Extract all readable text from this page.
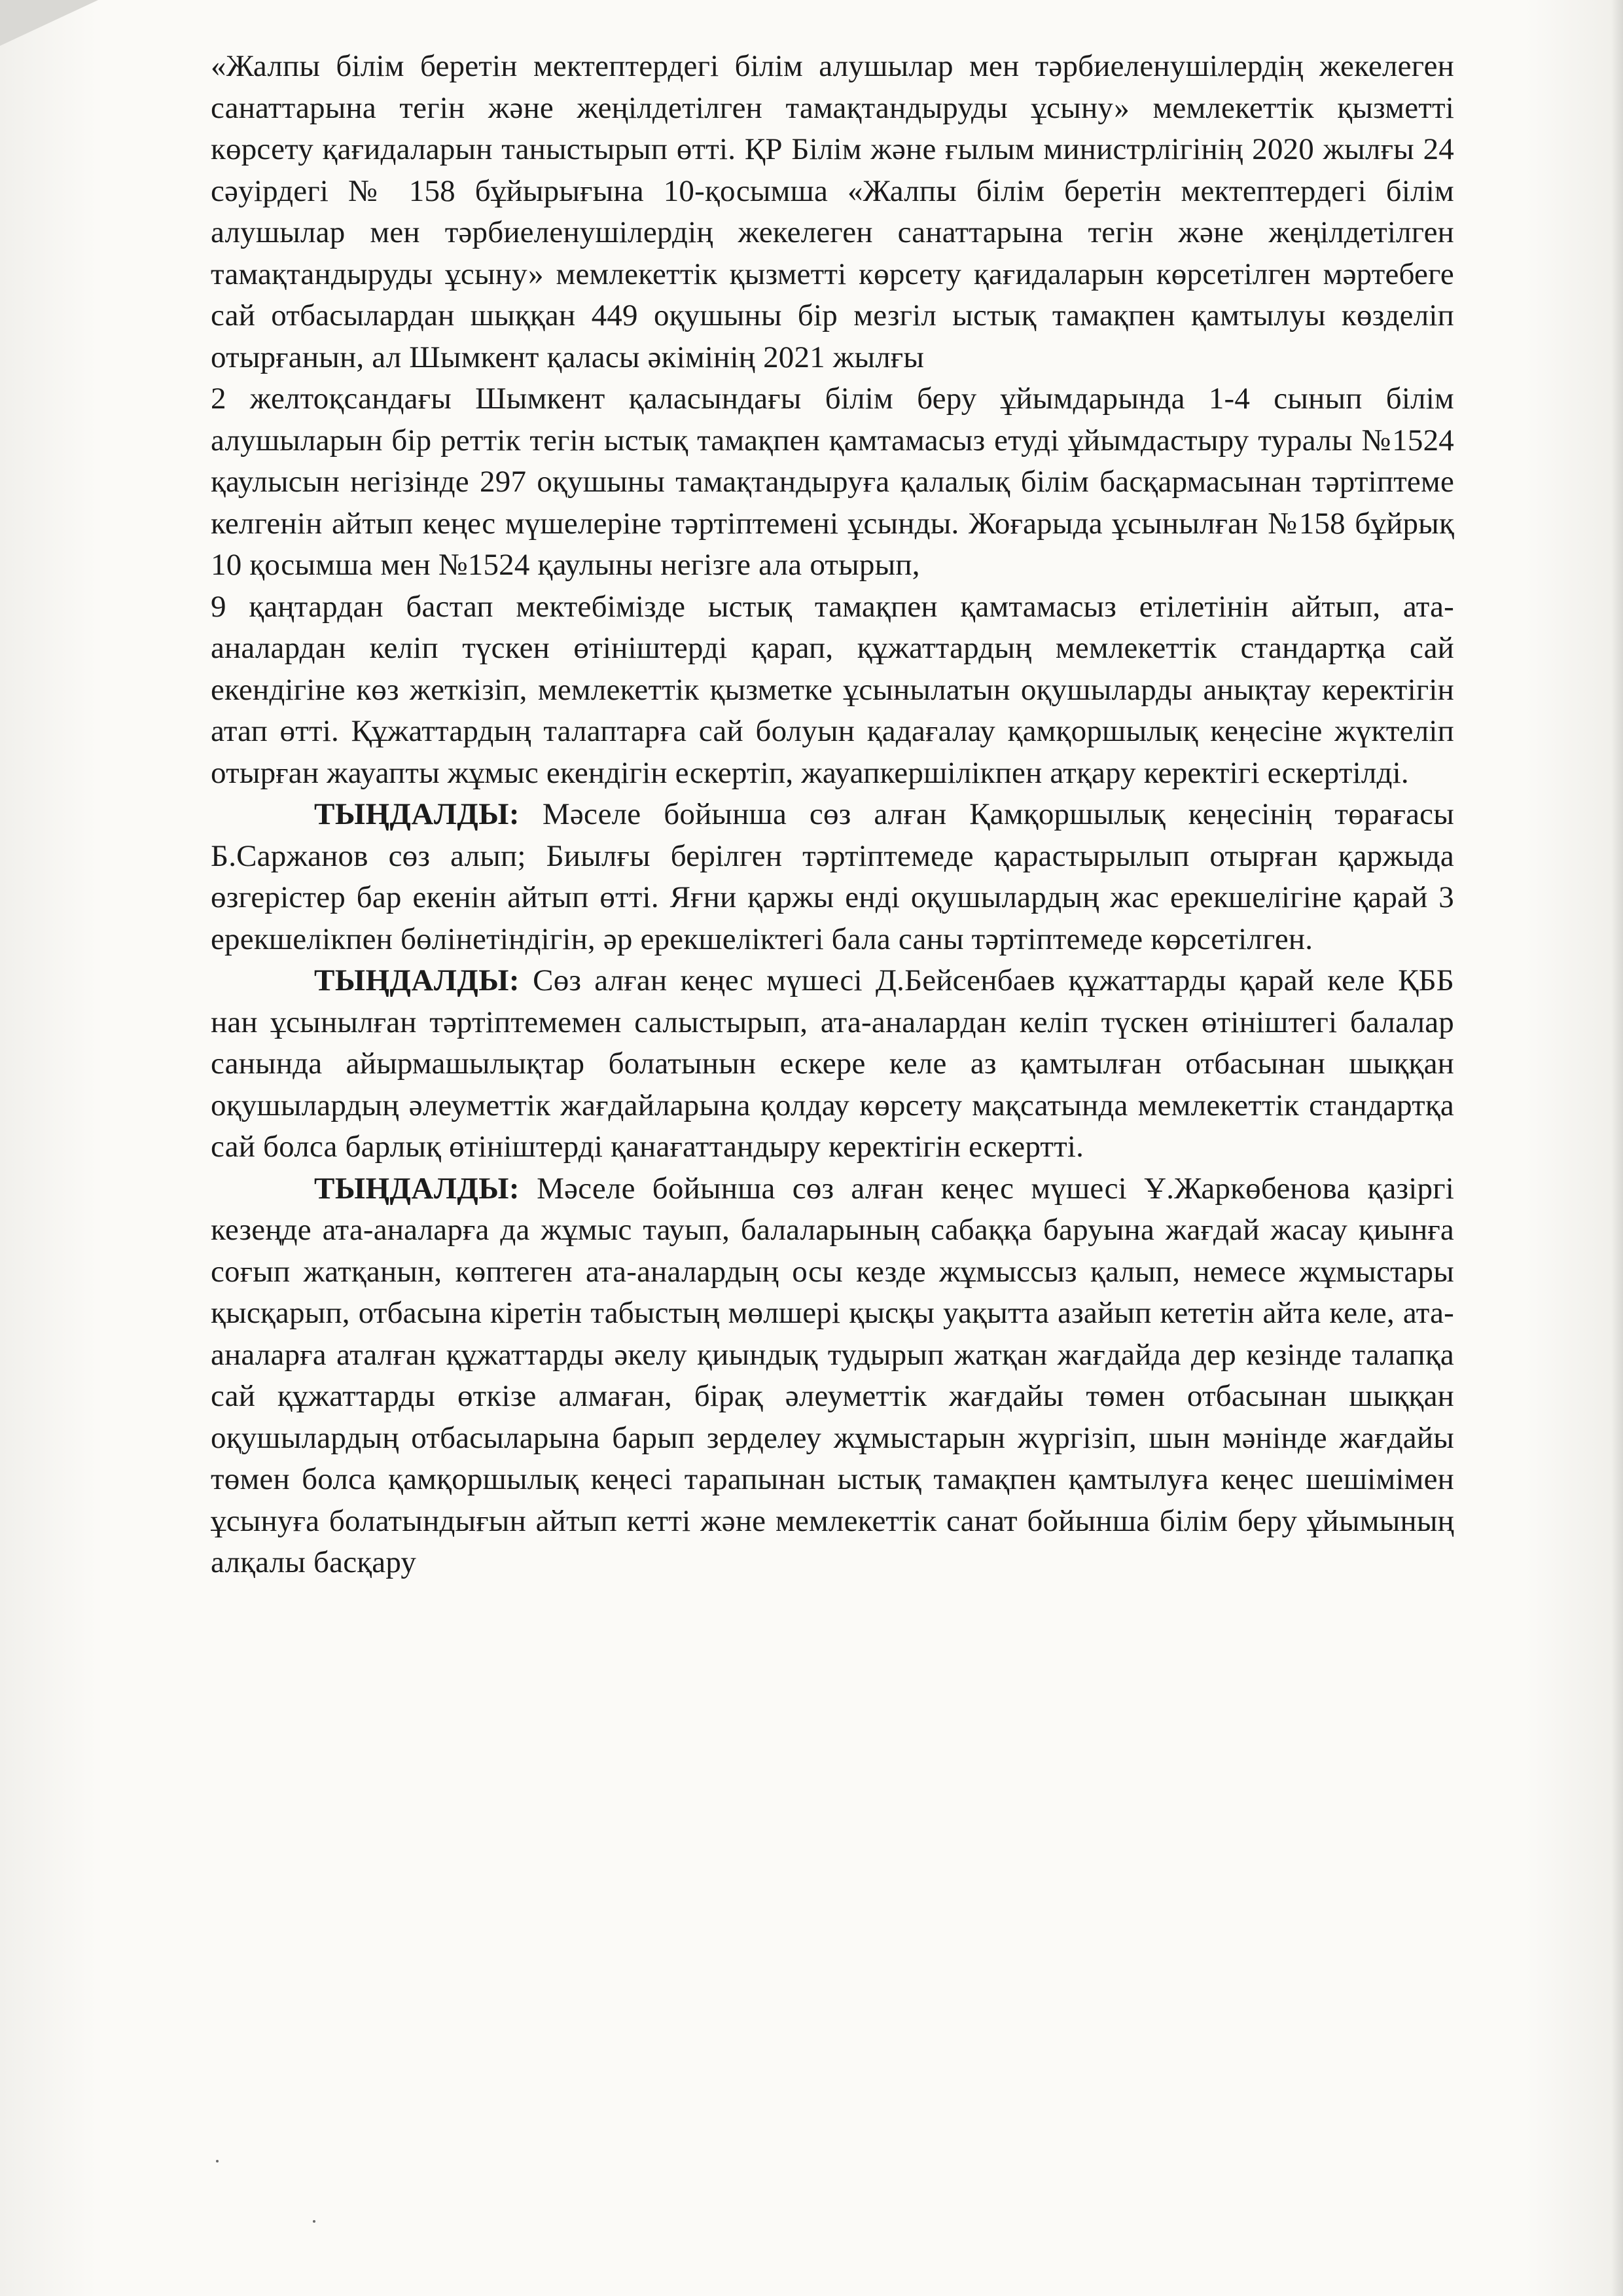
«Жалпы білім беретін мектептердегі білім алушылар мен тәрбиеленушілердің жекелеген санаттарына тегін және жеңілдетілген тамақтандыруды ұсыну» мемлекеттік қызметті көрсету қағидаларын таныстырып өтті. ҚР Білім және ғылым министрлігінің 2020 жылғы 24 сәуірдегі № 158 бұйырығына 10-қосымша «Жалпы білім беретін мектептердегі білім алушылар мен тәрбиеленушілердің жекелеген санаттарына тегін және жеңілдетілген тамақтандыруды ұсыну» мемлекеттік қызметті көрсету қағидаларын көрсетілген мәртебеге сай отбасылардан шыққан 449 оқушыны бір мезгіл ыстық тамақпен қамтылуы көзделіп отырғанын, ал Шымкент қаласы әкімінің 2021 жылғы

2 желтоқсандағы Шымкент қаласындағы білім беру ұйымдарында 1-4 сынып білім алушыларын бір реттік тегін ыстық тамақпен қамтамасыз етуді ұйымдастыру туралы №1524 қаулысын негізінде 297 оқушыны тамақтандыруға қалалық білім басқармасынан тәртіптеме келгенін айтып кеңес мүшелеріне тәртіптемені ұсынды. Жоғарыда ұсынылған №158 бұйрық 10 қосымша мен №1524 қаулыны негізге ала отырып,

9 қаңтардан бастап мектебімізде ыстық тамақпен қамтамасыз етілетінін айтып, ата-аналардан келіп түскен өтініштерді қарап, құжаттардың мемлекеттік стандартқа сай екендігіне көз жеткізіп, мемлекеттік қызметке ұсынылатын оқушыларды анықтау керектігін атап өтті. Құжаттардың талаптарға сай болуын қадағалау қамқоршылық кеңесіне жүктеліп отырған жауапты жұмыс екендігін ескертіп, жауапкершілікпен атқару керектігі ескертілді.

ТЫҢДАЛДЫ: Мәселе бойынша сөз алған Қамқоршылық кеңесінің төрағасы Б.Саржанов сөз алып; Биылғы берілген тәртіптемеде қарастырылып отырған қаржыда өзгерістер бар екенін айтып өтті. Яғни қаржы енді оқушылардың жас ерекшелігіне қарай 3 ерекшелікпен бөлінетіндігін, әр ерекшеліктегі бала саны тәртіптемеде көрсетілген.

ТЫҢДАЛДЫ: Сөз алған кеңес мүшесі Д.Бейсенбаев құжаттарды қарай келе ҚББ нан ұсынылған тәртіптемемен салыстырып, ата-аналардан келіп түскен өтініштегі балалар санында айырмашылықтар болатынын ескере келе аз қамтылған отбасынан шыққан оқушылардың әлеуметтік жағдайларына қолдау көрсету мақсатында мемлекеттік стандартқа сай болса барлық өтініштерді қанағаттандыру керектігін ескертті.

ТЫҢДАЛДЫ: Мәселе бойынша сөз алған кеңес мүшесі Ұ.Жаркөбенова қазіргі кезеңде ата-аналарға да жұмыс тауып, балаларының сабаққа баруына жағдай жасау қиынға соғып жатқанын, көптеген ата-аналардың осы кезде жұмыссыз қалып, немесе жұмыстары қысқарып, отбасына кіретін табыстың мөлшері қысқы уақытта азайып кететін айта келе, ата-аналарға аталған құжаттарды әкелу қиындық тудырып жатқан жағдайда дер кезінде талапқа сай құжаттарды өткізе алмаған, бірақ әлеуметтік жағдайы төмен отбасынан шыққан оқушылардың отбасыларына барып зерделеу жұмыстарын жүргізіп, шын мәнінде жағдайы төмен болса қамқоршылық кеңесі тарапынан ыстық тамақпен қамтылуға кеңес шешімімен ұсынуға болатындығын айтып кетті және мемлекеттік санат бойынша білім беру ұйымының алқалы басқару
